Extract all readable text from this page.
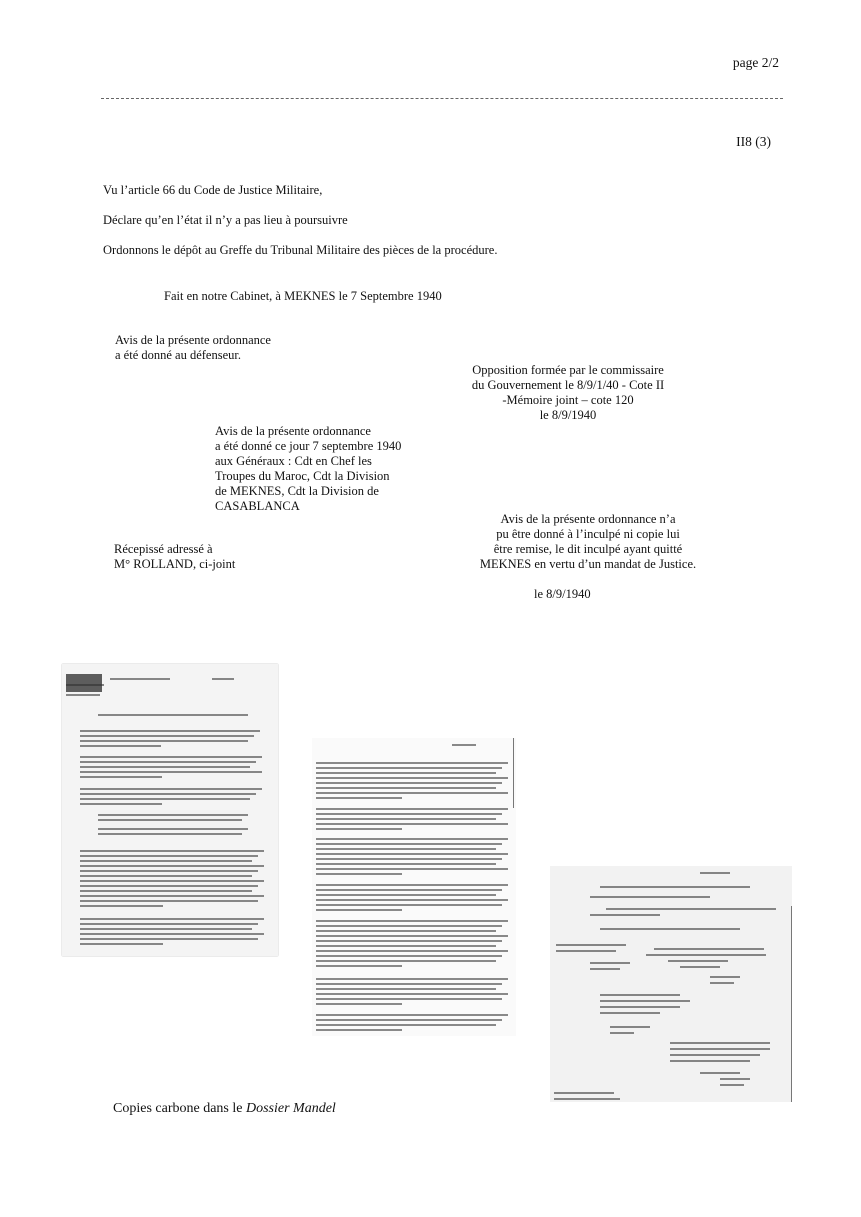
page 2/2
II8 (3)
Vu l’article 66 du Code de Justice Militaire,
Déclare qu’en l’état il n’y a pas lieu à poursuivre
Ordonnons le dépôt au Greffe du Tribunal Militaire des pièces de la procédure.
Fait en notre Cabinet, à MEKNES le 7 Septembre 1940
Avis de la présente ordonnance
a été donné au défenseur.
Opposition formée par le commissaire
du Gouvernement le 8/9/1/40 - Cote II
-Mémoire joint – cote 120
le 8/9/1940
Avis de la présente ordonnance
a été donné ce jour 7 septembre 1940
aux Généraux : Cdt en Chef les
Troupes du Maroc, Cdt la Division
de MEKNES, Cdt la Division de
CASABLANCA
Avis de la présente ordonnance n’a
pu être donné à l’inculpé ni copie lui
être remise, le dit inculpé ayant quitté
MEKNES en vertu d’un mandat de Justice.
Récepissé adressé à
M° ROLLAND, ci-joint
le 8/9/1940
Copies carbone dans le Dossier Mandel
